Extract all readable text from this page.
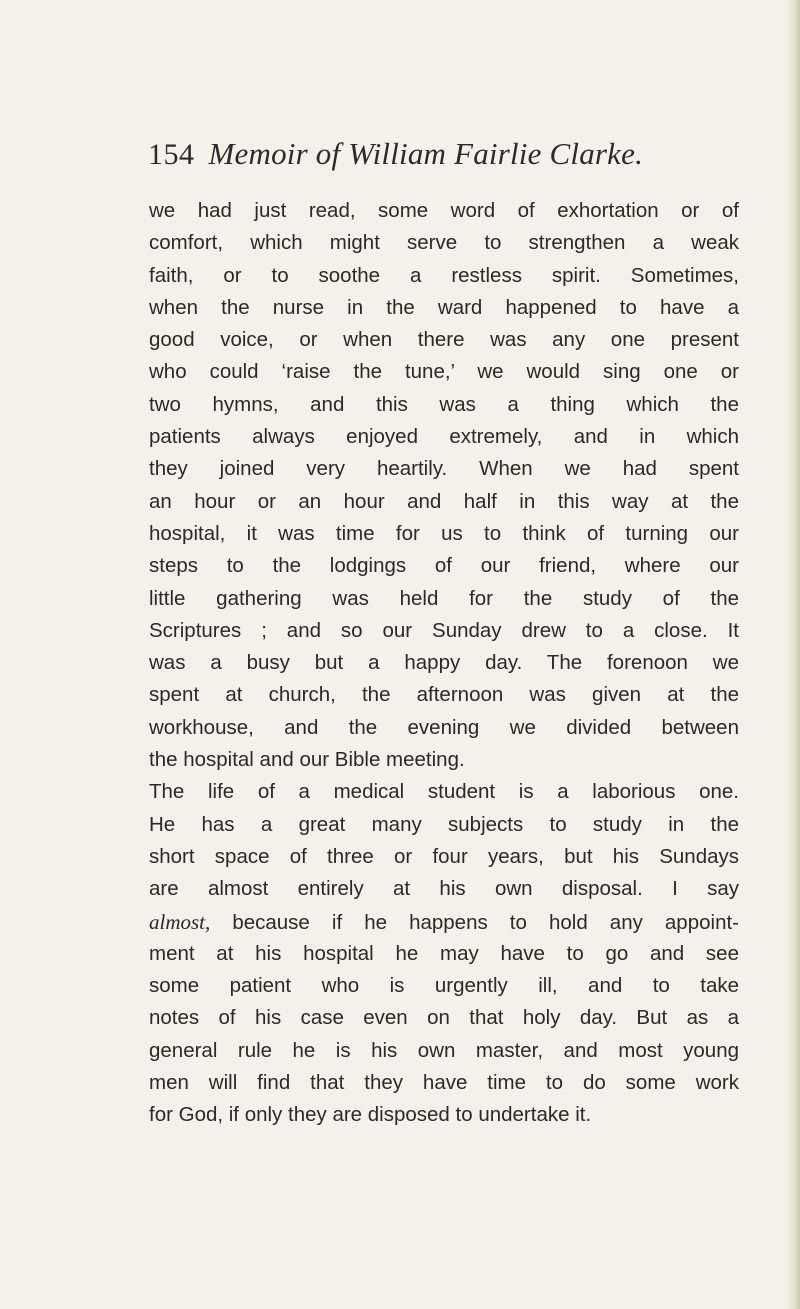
154 Memoir of William Fairlie Clarke.
we had just read, some word of exhortation or of
comfort, which might serve to strengthen a weak
faith, or to soothe a restless spirit. Sometimes,
when the nurse in the ward happened to have a
good voice, or when there was any one present
who could ‘raise the tune,’ we would sing one or
two hymns, and this was a thing which the
patients always enjoyed extremely, and in which
they joined very heartily. When we had spent
an hour or an hour and half in this way at the
hospital, it was time for us to think of turning our
steps to the lodgings of our friend, where our
little gathering was held for the study of the
Scriptures ; and so our Sunday drew to a close. It
was a busy but a happy day. The forenoon we
spent at church, the afternoon was given at the
workhouse, and the evening we divided between
the hospital and our Bible meeting.
The life of a medical student is a laborious one.
He has a great many subjects to study in the
short space of three or four years, but his Sundays
are almost entirely at his own disposal. I say
almost, because if he happens to hold any appoint-
ment at his hospital he may have to go and see
some patient who is urgently ill, and to take
notes of his case even on that holy day. But as a
general rule he is his own master, and most young
men will find that they have time to do some work
for God, if only they are disposed to undertake it.
